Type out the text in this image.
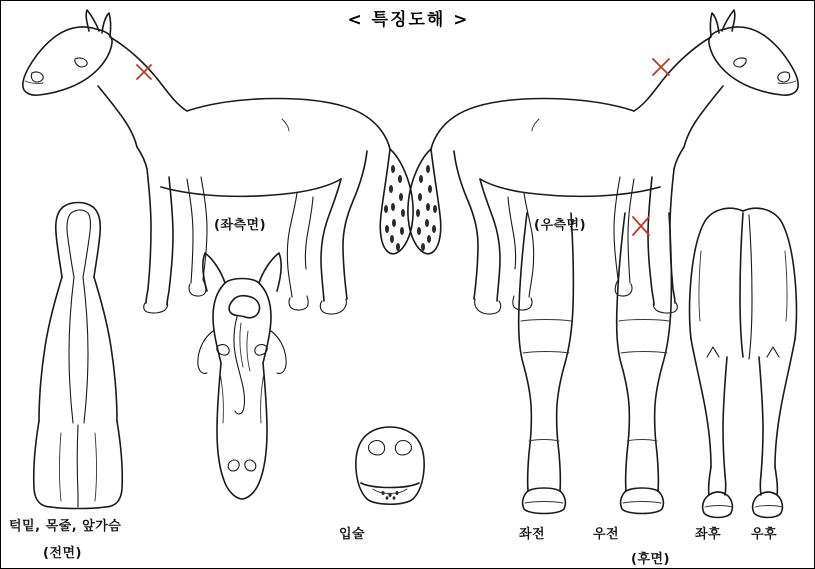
< 특징도해 >
(좌측면)	(우측면)
턱밑, 목줄, 앞가슴
(전면)
입술	좌전	우전	좌후 우후
(후면)
